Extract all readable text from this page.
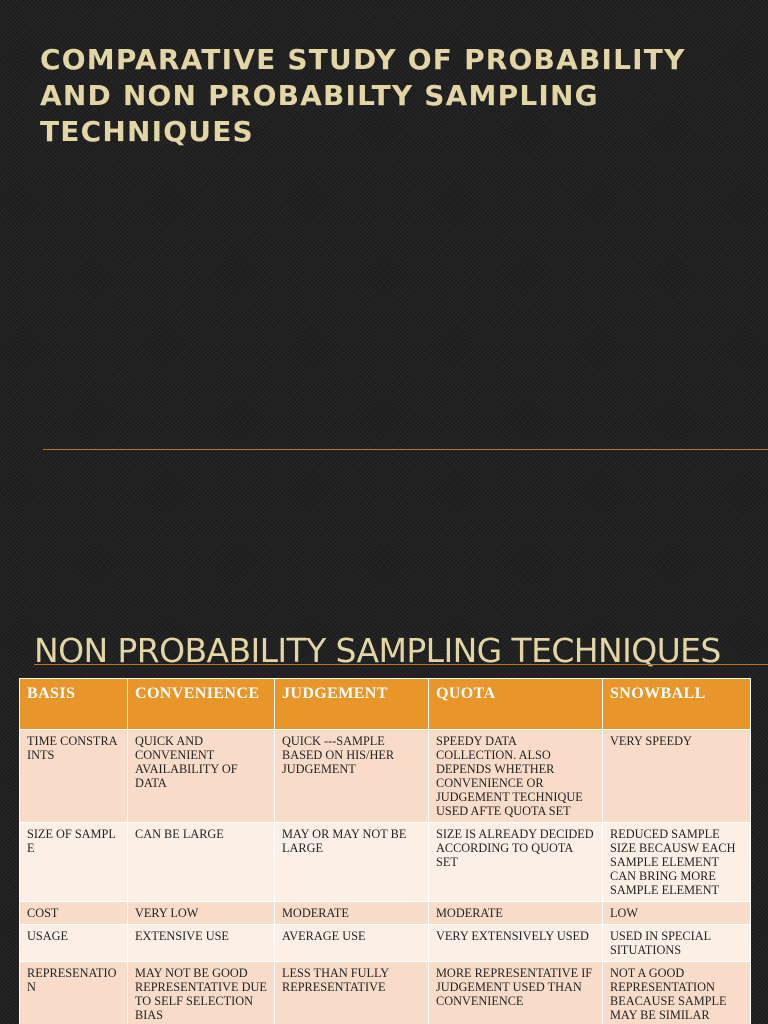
COMPARATIVE STUDY OF PROBABILITY AND NON PROBABILTY SAMPLING TECHNIQUES
NON PROBABILITY SAMPLING TECHNIQUES
BASIS	CONVENIENCE	JUDGEMENT	QUOTA	SNOWBALL
TIME CONSTRAINTS	QUICK AND CONVENIENT AVAILABILITY OF DATA	QUICK ---SAMPLE BASED ON HIS/HER JUDGEMENT	SPEEDY DATA COLLECTION. ALSO DEPENDS WHETHER CONVENIENCE OR JUDGEMENT TECHNIQUE USED AFTE QUOTA SET	VERY SPEEDY
SIZE OF SAMPLE	CAN BE LARGE	MAY OR MAY NOT BE LARGE	SIZE IS ALREADY DECIDED ACCORDING TO QUOTA SET	REDUCED SAMPLE SIZE BECAUSW EACH SAMPLE ELEMENT CAN BRING MORE SAMPLE ELEMENT
COST	VERY LOW	MODERATE	MODERATE	LOW
USAGE	EXTENSIVE USE	AVERAGE USE	VERY EXTENSIVELY USED	USED IN SPECIAL SITUATIONS
REPRESENATION	MAY NOT BE GOOD REPRESENTATIVE DUE TO SELF SELECTION BIAS	LESS THAN FULLY REPRESENTATIVE	MORE REPRESENTATIVE IF JUDGEMENT USED THAN CONVENIENCE	NOT A GOOD REPRESENTATION BEACAUSE SAMPLE MAY BE SIMILAR
